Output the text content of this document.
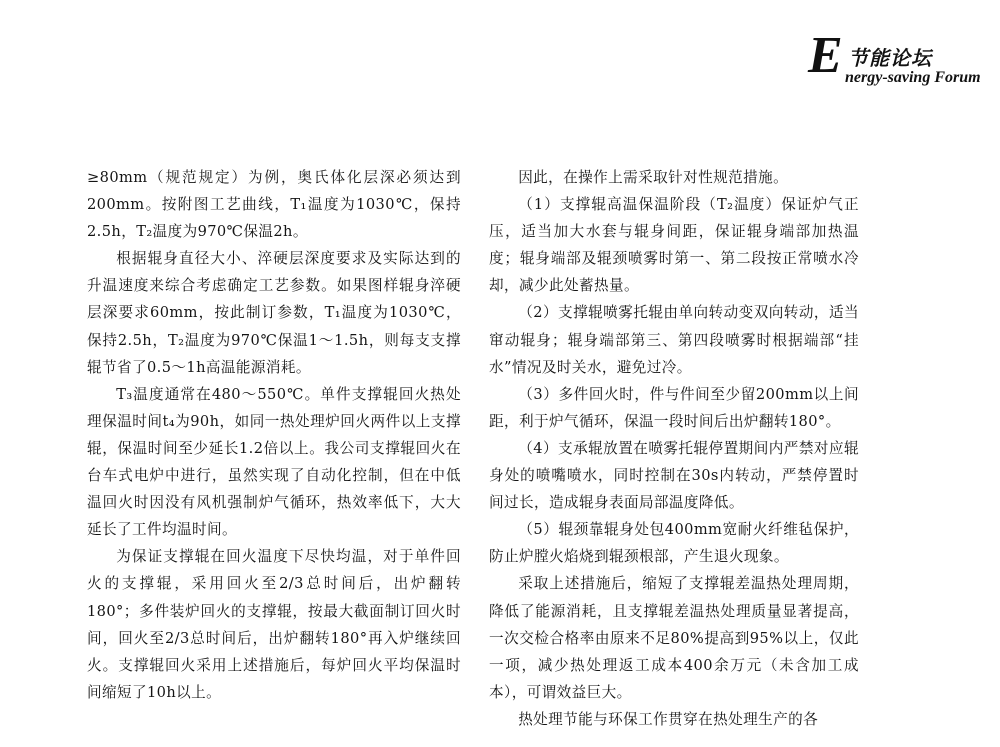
E 节能论坛
nergy-saving Forum

≥80mm（规范规定）为例，奥氏体化层深必须达到200mm。按附图工艺曲线，T₁温度为1030℃，保持2.5h，T₂温度为970℃保温2h。

根据辊身直径大小、淬硬层深度要求及实际达到的升温速度来综合考虑确定工艺参数。如果图样辊身淬硬层深要求60mm，按此制订参数，T₁温度为1030℃，保持2.5h，T₂温度为970℃保温1～1.5h，则每支支撑辊节省了0.5～1h高温能源消耗。

T₃温度通常在480～550℃。单件支撑辊回火热处理保温时间t₄为90h，如同一热处理炉回火两件以上支撑辊，保温时间至少延长1.2倍以上。我公司支撑辊回火在台车式电炉中进行，虽然实现了自动化控制，但在中低温回火时因没有风机强制炉气循环，热效率低下，大大延长了工件均温时间。

为保证支撑辊在回火温度下尽快均温，对于单件回火的支撑辊，采用回火至2/3总时间后，出炉翻转180°；多件装炉回火的支撑辊，按最大截面制订回火时间，回火至2/3总时间后，出炉翻转180°再入炉继续回火。支撑辊回火采用上述措施后，每炉回火平均保温时间缩短了10h以上。

因此，在操作上需采取针对性规范措施。

（1）支撑辊高温保温阶段（T₂温度）保证炉气正压，适当加大水套与辊身间距，保证辊身端部加热温度；辊身端部及辊颈喷雾时第一、第二段按正常喷水冷却，减少此处蓄热量。

（2）支撑辊喷雾托辊由单向转动变双向转动，适当窜动辊身；辊身端部第三、第四段喷雾时根据端部“挂水”情况及时关水，避免过冷。

（3）多件回火时，件与件间至少留200mm以上间距，利于炉气循环，保温一段时间后出炉翻转180°。

（4）支承辊放置在喷雾托辊停置期间内严禁对应辊身处的喷嘴喷水，同时控制在30s内转动，严禁停置时间过长，造成辊身表面局部温度降低。

（5）辊颈靠辊身处包400mm宽耐火纤维毡保护，防止炉膛火焰烧到辊颈根部，产生退火现象。

采取上述措施后，缩短了支撑辊差温热处理周期，降低了能源消耗，且支撑辊差温热处理质量显著提高，一次交检合格率由原来不足80%提高到95%以上，仅此一项，减少热处理返工成本400余万元（未含加工成本），可谓效益巨大。

热处理节能与环保工作贯穿在热处理生产的各
